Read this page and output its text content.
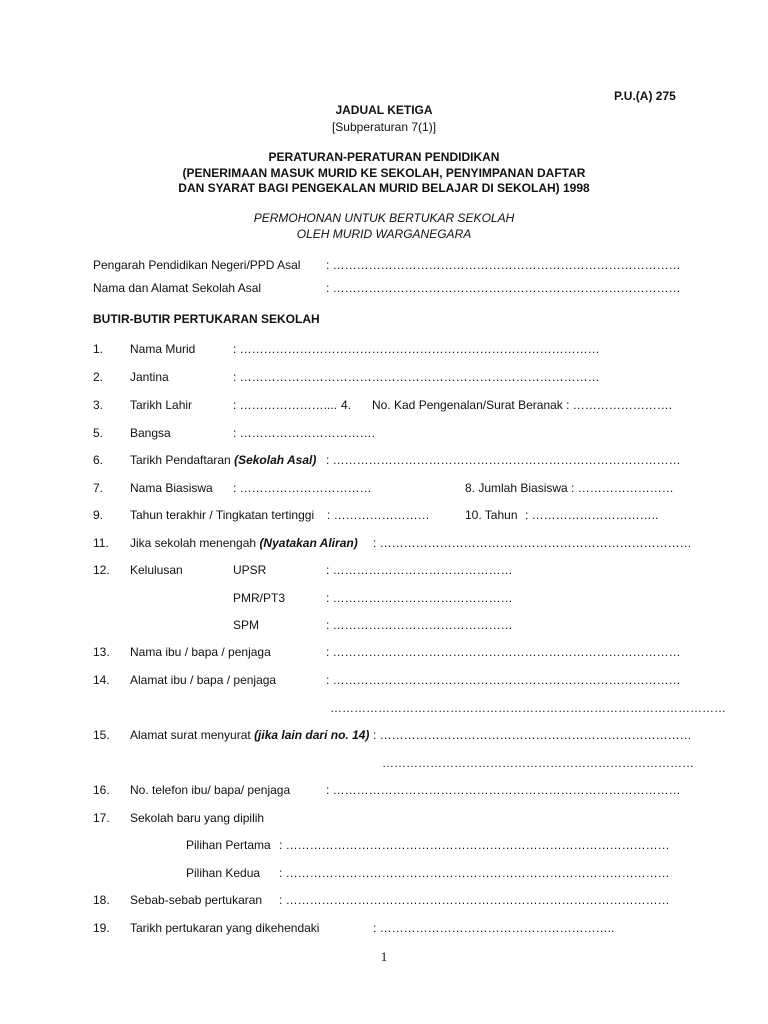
P.U.(A) 275
JADUAL KETIGA
[Subperaturan 7(1)]
PERATURAN-PERATURAN PENDIDIKAN
(PENERIMAAN MASUK MURID KE SEKOLAH, PENYIMPANAN DAFTAR
DAN SYARAT BAGI PENGEKALAN MURID BELAJAR DI SEKOLAH) 1998
PERMOHONAN UNTUK BERTUKAR SEKOLAH
OLEH MURID WARGANEGARA
Pengarah Pendidikan Negeri/PPD Asal : ……………………………………………………………………………
Nama dan Alamat Sekolah Asal	: ……………………………………………………………………………
BUTIR-BUTIR PERTUKARAN SEKOLAH
1. Nama Murid	: ………………………………………………………………………………
2. Jantina	: ………………………………………………………………………………
3. Tarikh Lahir	: ………………….... 4. No. Kad Pengenalan/Surat Beranak : …………………….
5. Bangsa	: …………………………….
6. Tarikh Pendaftaran (Sekolah Asal) : ……………………………………………………………………………
7. Nama Biasiswa : ……………………………	8. Jumlah Biasiswa : ……………………
9. Tahun terakhir / Tingkatan tertinggi : ……………………	10. Tahun : …………………………..
11. Jika sekolah menengah (Nyatakan Aliran) : ……………………………………………………………………
12. Kelulusan	UPSR	: ………………………………………
PMR/PT3	: ………………………………………
SPM	: ………………………………………
13. Nama ibu / bapa / penjaga	: ……………………………………………………………………………
14. Alamat ibu / bapa / penjaga	: ……………………………………………………………………………
………………………………………………………………………………………
15. Alamat surat menyurat (jika lain dari no. 14) : ……………………………………………………………………
……………………………………………………………………
16. No. telefon ibu/ bapa/ penjaga	: ……………………………………………………………………………
17. Sekolah baru yang dipilih
Pilihan Pertama : ……………………………………………………………………………………
Pilihan Kedua : ……………………………………………………………………………………
18. Sebab-sebab pertukaran : ……………………………………………………………………………………
19. Tarikh pertukaran yang dikehendaki	: …………………………………………………..
1
